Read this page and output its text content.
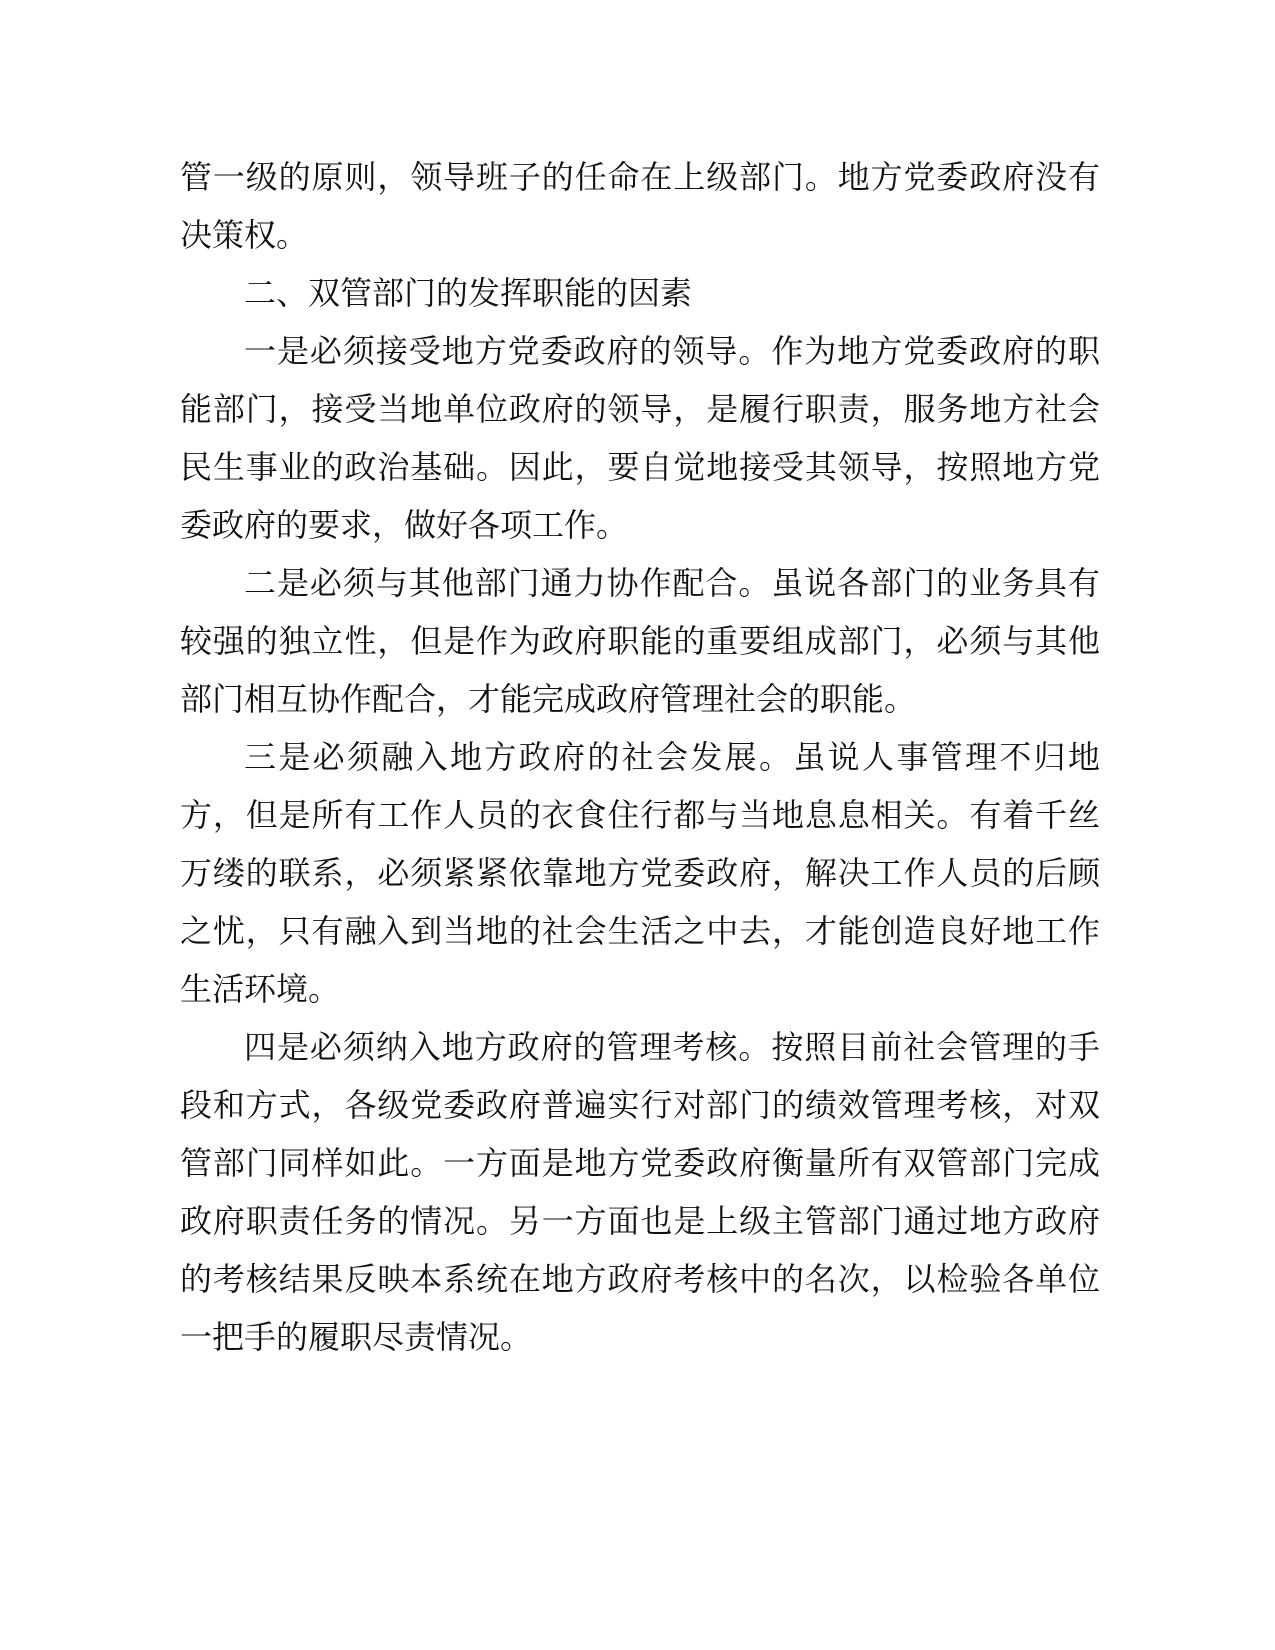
管一级的原则，领导班子的任命在上级部门。地方党委政府没有决策权。

二、双管部门的发挥职能的因素

一是必须接受地方党委政府的领导。作为地方党委政府的职能部门，接受当地单位政府的领导，是履行职责，服务地方社会民生事业的政治基础。因此，要自觉地接受其领导，按照地方党委政府的要求，做好各项工作。

二是必须与其他部门通力协作配合。虽说各部门的业务具有较强的独立性，但是作为政府职能的重要组成部门，必须与其他部门相互协作配合，才能完成政府管理社会的职能。

三是必须融入地方政府的社会发展。虽说人事管理不归地方，但是所有工作人员的衣食住行都与当地息息相关。有着千丝万缕的联系，必须紧紧依靠地方党委政府，解决工作人员的后顾之忧，只有融入到当地的社会生活之中去，才能创造良好地工作生活环境。

四是必须纳入地方政府的管理考核。按照目前社会管理的手段和方式，各级党委政府普遍实行对部门的绩效管理考核，对双管部门同样如此。一方面是地方党委政府衡量所有双管部门完成政府职责任务的情况。另一方面也是上级主管部门通过地方政府的考核结果反映本系统在地方政府考核中的名次，以检验各单位一把手的履职尽责情况。
